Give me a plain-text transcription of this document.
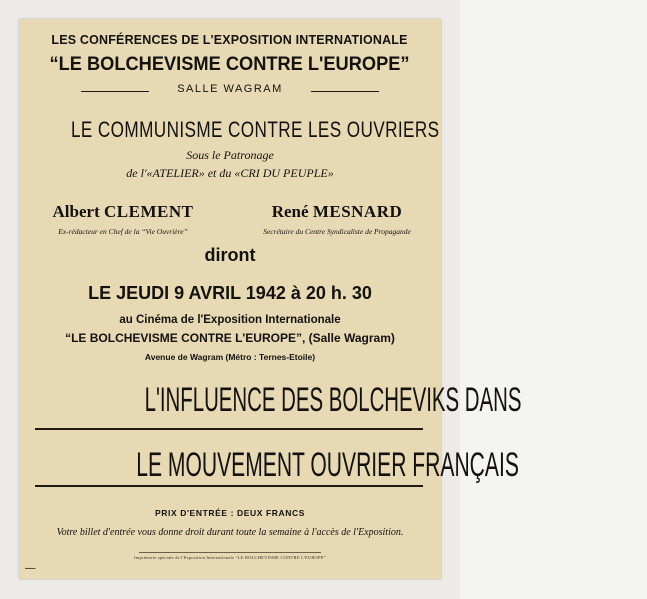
LES CONFÉRENCES DE L'EXPOSITION INTERNATIONALE
“LE BOLCHEVISME CONTRE L'EUROPE”
SALLE WAGRAM
LE COMMUNISME CONTRE LES OUVRIERS
Sous le Patronage
de l'«ATELIER» et du «CRI DU PEUPLE»
Albert CLEMENT
Ex-rédacteur en Chef de la “Vie Ouvrière”
René MESNARD
Secrétaire du Centre Syndicaliste de Propagande
diront
LE JEUDI 9 AVRIL 1942 à 20 h. 30
au Cinéma de l'Exposition Internationale
“LE BOLCHEVISME CONTRE L'EUROPE”, (Salle Wagram)
Avenue de Wagram (Métro : Ternes-Etoile)
L'INFLUENCE DES BOLCHEVIKS DANS
LE MOUVEMENT OUVRIER FRANÇAIS
PRIX D'ENTRÉE : DEUX FRANCS
Votre billet d'entrée vous donne droit durant toute la semaine à l'accès de l'Exposition.
Imprimerie spéciale de l'Exposition Internationale “LE BOLCHEVISME CONTRE L'EUROPE”
▬▬▬
